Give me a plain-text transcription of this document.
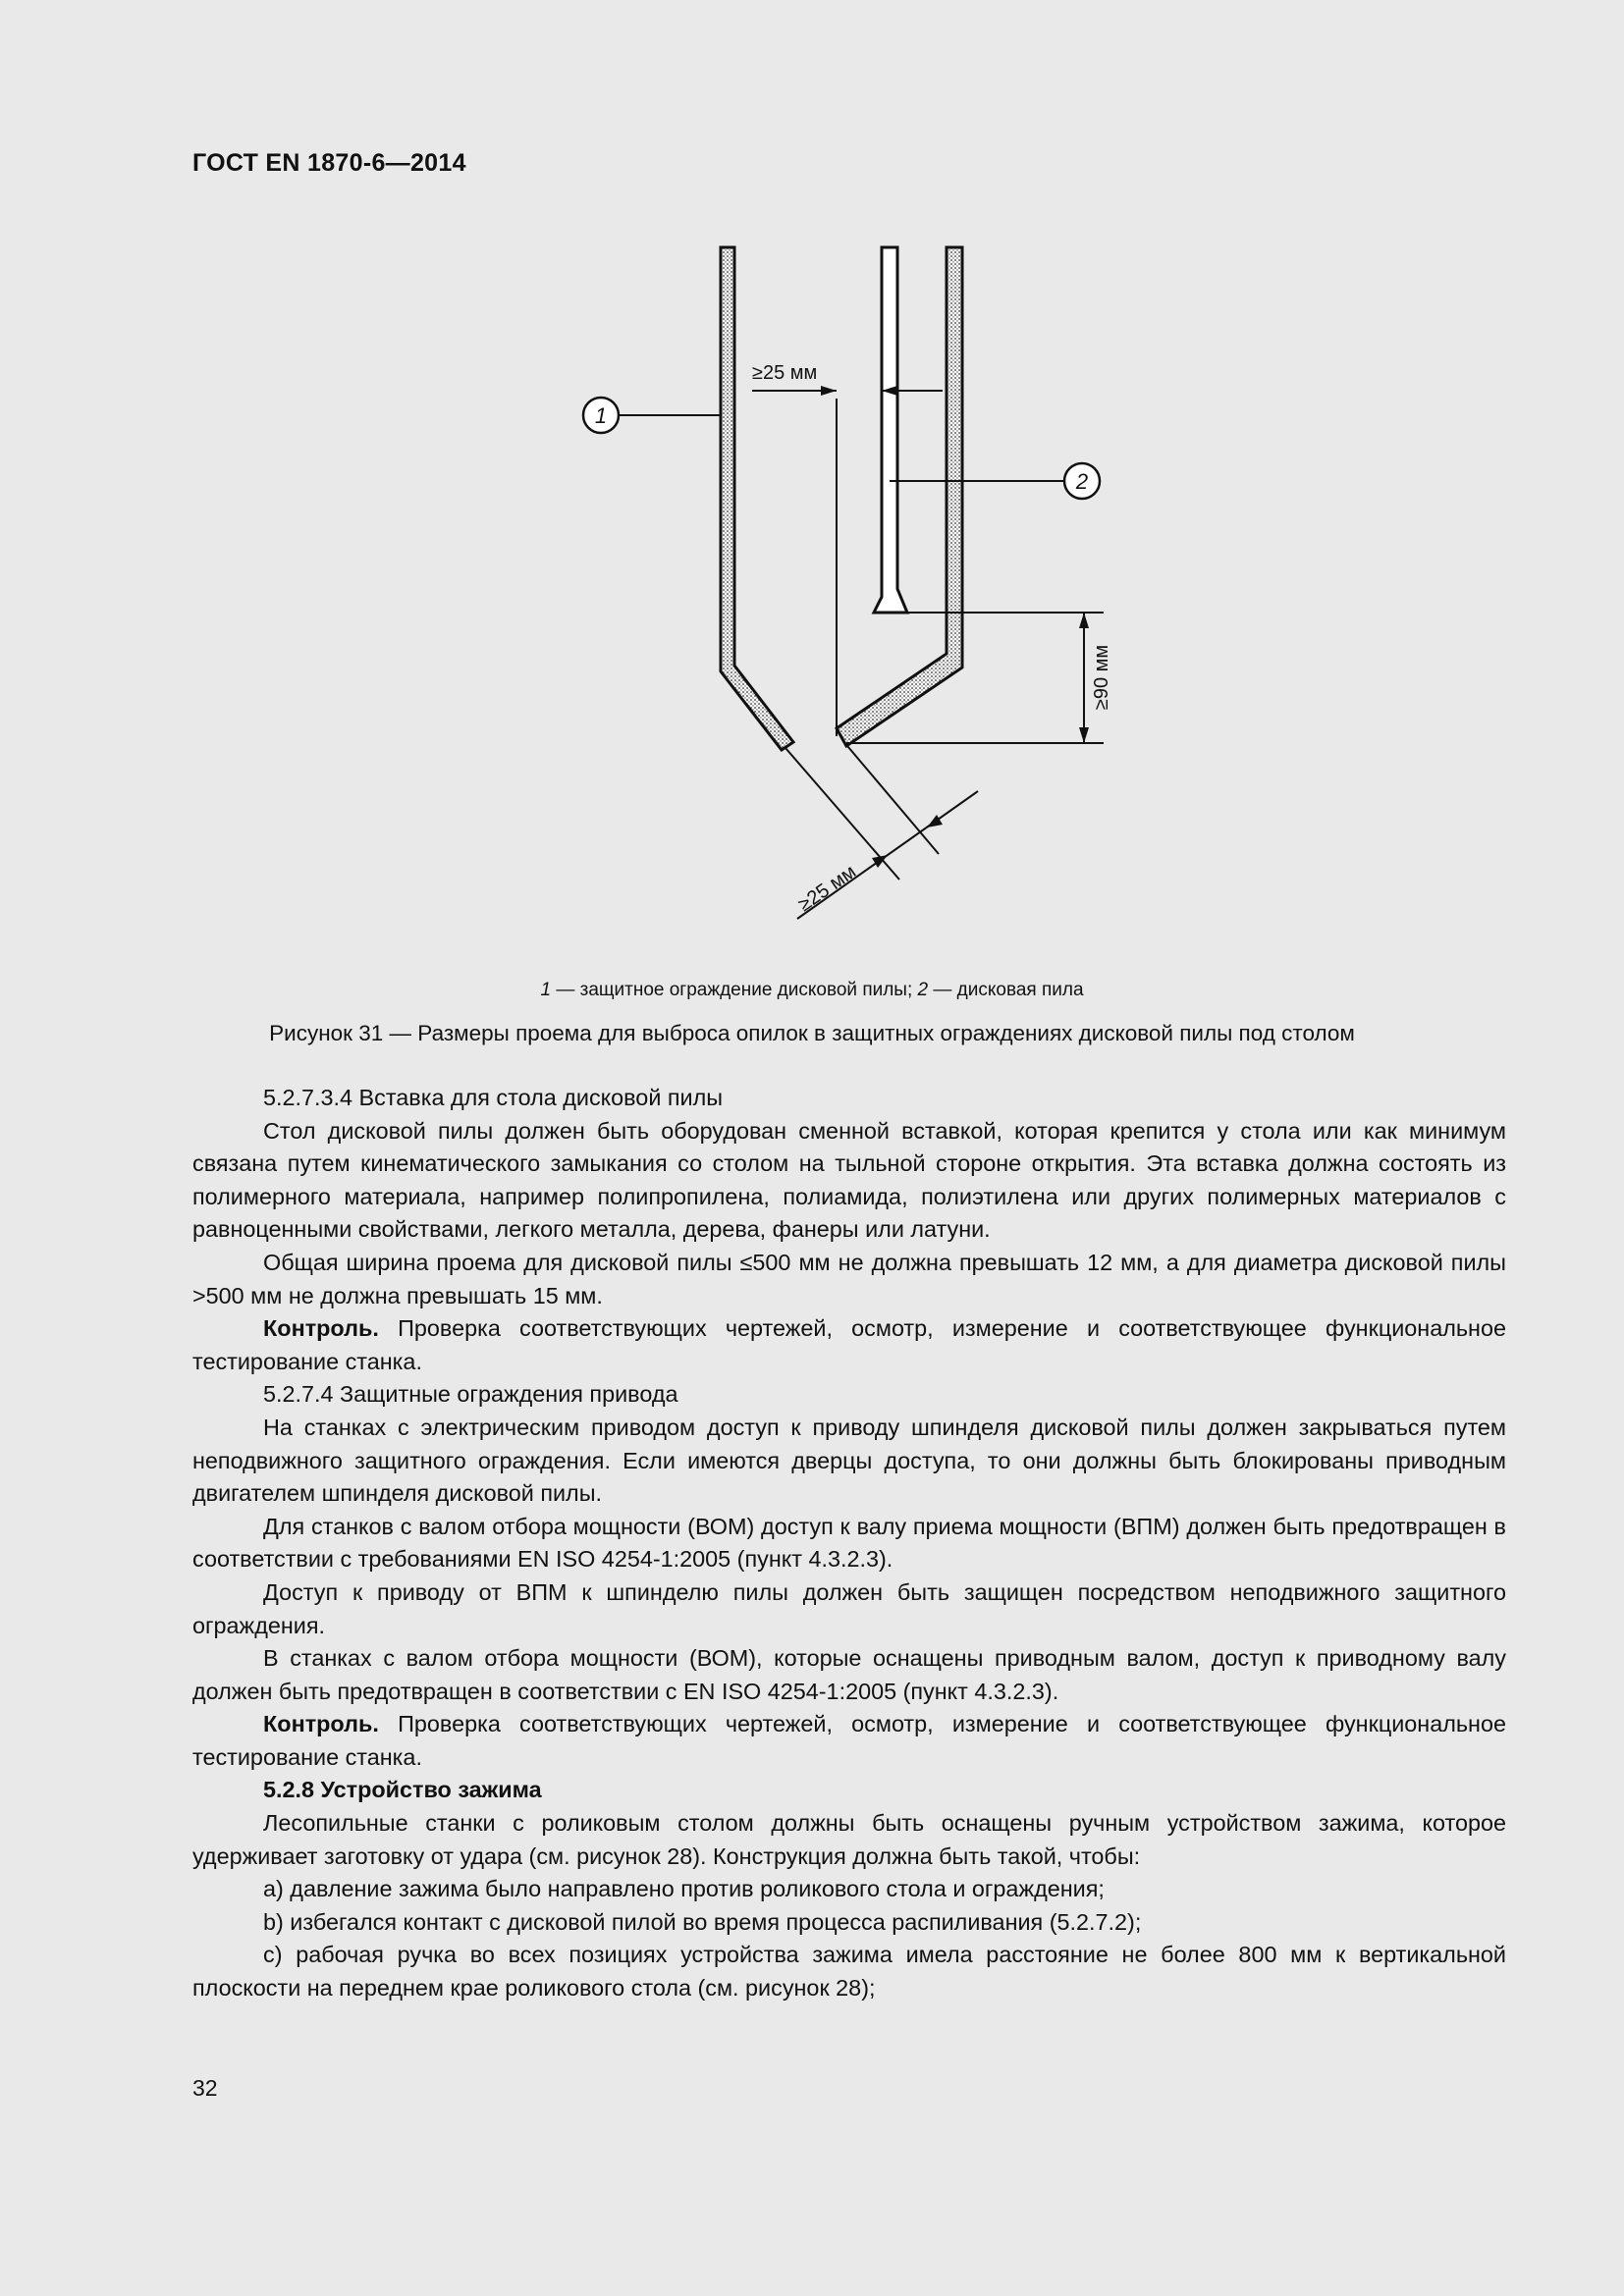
ГОСТ EN 1870-6—2014
≥25 мм
1
2
≥90 мм
≥25 мм
1 — защитное ограждение дисковой пилы; 2 — дисковая пила
Рисунок 31 — Размеры проема для выброса опилок в защитных ограждениях дисковой пилы под столом

5.2.7.3.4 Вставка для стола дисковой пилы

Стол дисковой пилы должен быть оборудован сменной вставкой, которая крепится у стола или как минимум связана путем кинематического замыкания со столом на тыльной стороне открытия. Эта вставка должна состоять из полимерного материала, например полипропилена, полиамида, полиэтилена или других полимерных материалов с равноценными свойствами, легкого металла, дерева, фанеры или латуни.

Общая ширина проема для дисковой пилы ≤500 мм не должна превышать 12 мм, а для диаметра дисковой пилы >500 мм не должна превышать 15 мм.

Контроль. Проверка соответствующих чертежей, осмотр, измерение и соответствующее функциональное тестирование станка.

5.2.7.4 Защитные ограждения привода

На станках с электрическим приводом доступ к приводу шпинделя дисковой пилы должен закрываться путем неподвижного защитного ограждения. Если имеются дверцы доступа, то они должны быть блокированы приводным двигателем шпинделя дисковой пилы.

Для станков с валом отбора мощности (ВОМ) доступ к валу приема мощности (ВПМ) должен быть предотвращен в соответствии с требованиями EN ISO 4254-1:2005 (пункт 4.3.2.3).

Доступ к приводу от ВПМ к шпинделю пилы должен быть защищен посредством неподвижного защитного ограждения.

В станках с валом отбора мощности (ВОМ), которые оснащены приводным валом, доступ к приводному валу должен быть предотвращен в соответствии с EN ISO 4254-1:2005 (пункт 4.3.2.3).

Контроль. Проверка соответствующих чертежей, осмотр, измерение и соответствующее функциональное тестирование станка.

5.2.8 Устройство зажима

Лесопильные станки с роликовым столом должны быть оснащены ручным устройством зажима, которое удерживает заготовку от удара (см. рисунок 28). Конструкция должна быть такой, чтобы:

а) давление зажима было направлено против роликового стола и ограждения;

b) избегался контакт с дисковой пилой во время процесса распиливания (5.2.7.2);

с) рабочая ручка во всех позициях устройства зажима имела расстояние не более 800 мм к вертикальной плоскости на переднем крае роликового стола (см. рисунок 28);

32
